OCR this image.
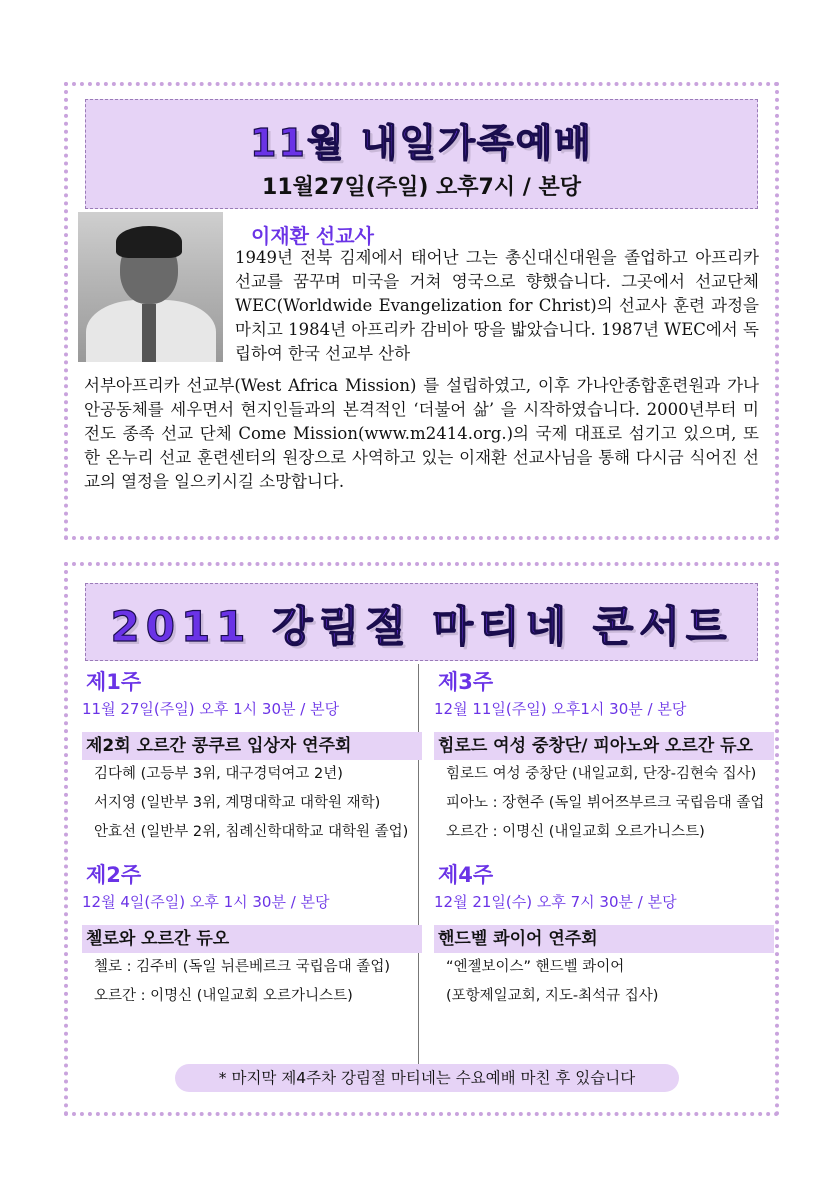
11월 내일가족예배
11월27일(주일) 오후7시 / 본당
이재환 선교사
1949년 전북 김제에서 태어난 그는 총신대신대원을 졸업하고 아프리카 선교를 꿈꾸며 미국을 거쳐 영국으로 향했습니다. 그곳에서 선교단체 WEC(Worldwide Evangelization for Christ)의 선교사 훈련 과정을 마치고 1984년 아프리카 감비아 땅을 밟았습니다. 1987년 WEC에서 독립하여 한국 선교부 산하
서부아프리카 선교부(West Africa Mission) 를 설립하였고, 이후 가나안종합훈련원과 가나안공동체를 세우면서 현지인들과의 본격적인 ‘더불어 삶’ 을 시작하였습니다. 2000년부터 미전도 종족 선교 단체 Come Mission(www.m2414.org.)의 국제 대표로 섬기고 있으며, 또한 온누리 선교 훈련센터의 원장으로 사역하고 있는 이재환 선교사님을 통해 다시금 식어진 선교의 열정을 일으키시길 소망합니다.
2011 강림절 마티네 콘서트
제1주
11월 27일(주일) 오후 1시 30분 / 본당
제2회 오르간 콩쿠르 입상자 연주회
김다혜 (고등부 3위, 대구경덕여고 2년)
서지영 (일반부 3위, 계명대학교 대학원 재학)
안효선 (일반부 2위, 침례신학대학교 대학원 졸업)
제2주
12월 4일(주일) 오후 1시 30분 / 본당
첼로와 오르간 듀오
첼로 : 김주비 (독일 뉘른베르크 국립음대 졸업)
오르간 : 이명신 (내일교회 오르가니스트)
제3주
12월 11일(주일) 오후1시 30분 / 본당
힘로드 여성 중창단/ 피아노와 오르간 듀오
힘로드 여성 중창단 (내일교회, 단장-김현숙 집사)
피아노 : 장현주 (독일 뷔어쯔부르크 국립음대 졸업
오르간 : 이명신 (내일교회 오르가니스트)
제4주
12월 21일(수) 오후 7시 30분 / 본당
핸드벨 콰이어 연주회
“엔젤보이스” 핸드벨 콰이어
(포항제일교회, 지도-최석규 집사)
* 마지막 제4주차 강림절 마티네는 수요예배 마친 후 있습니다
